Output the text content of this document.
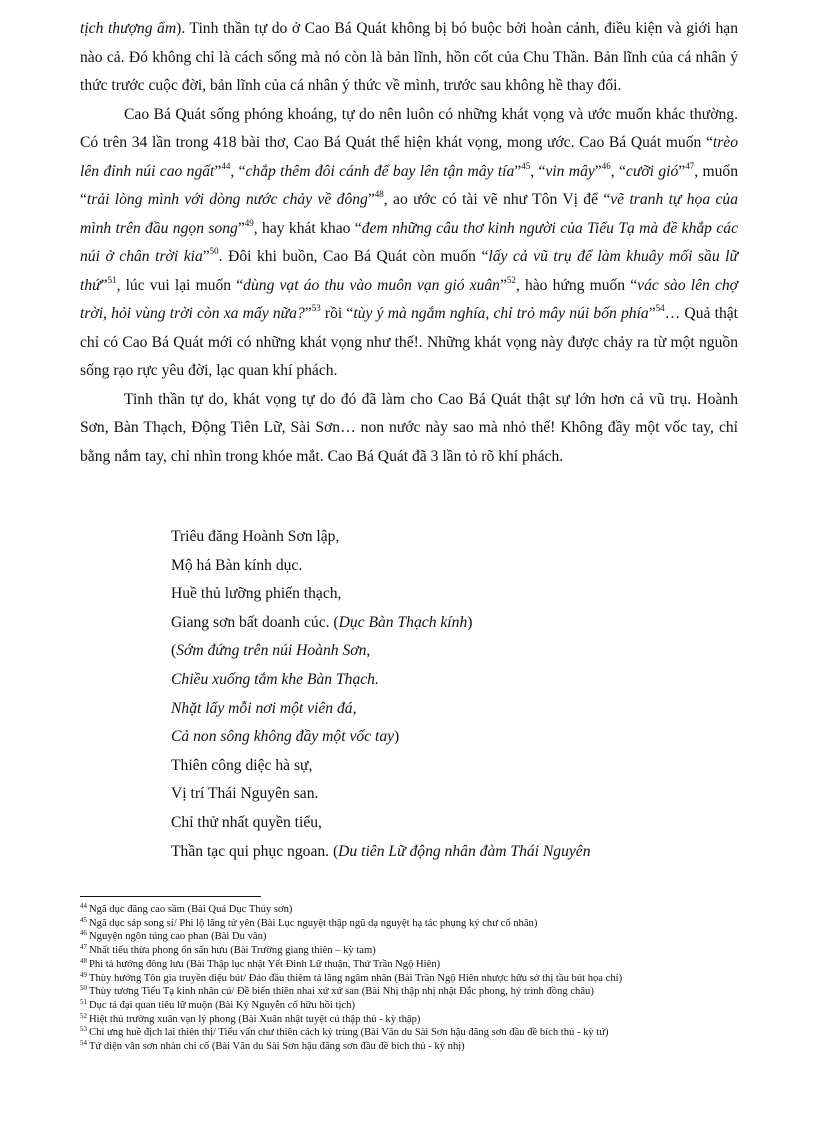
tịch thượng ẩm). Tinh thần tự do ở Cao Bá Quát không bị bó buộc bởi hoàn cảnh, điều kiện và giới hạn nào cả. Đó không chỉ là cách sống mà nó còn là bản lĩnh, hồn cốt của Chu Thần. Bản lĩnh của cá nhân ý thức trước cuộc đời, bản lĩnh của cá nhân ý thức về mình, trước sau không hề thay đổi.

Cao Bá Quát sống phóng khoáng, tự do nên luôn có những khát vọng và ước muốn khác thường. Có trên 34 lần trong 418 bài thơ, Cao Bá Quát thể hiện khát vọng, mong ước. Cao Bá Quát muốn “trèo lên đỉnh núi cao ngất”$^{44}$, “chắp thêm đôi cánh để bay lên tận mây tía”$^{45}$, “vin mây”$^{46}$, “cưỡi gió”$^{47}$, muốn “trải lòng mình với dòng nước chảy về đông”$^{48}$, ao ước có tài vẽ như Tôn Vị để “vẽ tranh tự họa của mình trên đầu ngọn song”$^{49}$, hay khát khao “đem những câu thơ kinh người của Tiểu Tạ mà đề khắp các núi ở chân trời kia”$^{50}$. Đôi khi buồn, Cao Bá Quát còn muốn “lấy cả vũ trụ để làm khuây mối sầu lữ thứ”$^{51}$, lúc vui lại muốn “dùng vạt áo thu vào muôn vạn gió xuân”$^{52}$, hào hứng muốn “vác sào lên chợ trời, hỏi vùng trời còn xa mấy nữa?”$^{53}$ rồi “tùy ý mà ngắm nghía, chỉ trỏ mây núi bốn phía”$^{54}$… Quả thật chỉ có Cao Bá Quát mới có những khát vọng như thế!. Những khát vọng này được chảy ra từ một nguồn sống rạo rực yêu đời, lạc quan khí phách.

Tinh thần tự do, khát vọng tự do đó đã làm cho Cao Bá Quát thật sự lớn hơn cả vũ trụ. Hoành Sơn, Bàn Thạch, Động Tiên Lữ, Sài Sơn… non nước này sao mà nhỏ thế! Không đầy một vốc tay, chỉ bằng nắm tay, chỉ nhìn trong khóe mắt. Cao Bá Quát đã 3 lần tỏ rõ khí phách.

Triêu đăng Hoành Sơn lập,
Mộ há Bàn kính dục.
Huề thủ lưỡng phiến thạch,
Giang sơn bất doanh cúc. (Dục Bàn Thạch kính)
(Sớm đứng trên núi Hoành Sơn,
Chiều xuống tắm khe Bàn Thạch.
Nhặt lấy mỗi nơi một viên đá,
Cả non sông không đầy một vốc tay)
Thiên công diệc hà sự,
Vị trí Thái Nguyên san.
Chỉ thử nhất quyền tiểu,
Thần tạc qui phục ngoan. (Du tiên Lữ động nhân đàm Thái Nguyên
$^{44}$ Ngã dục đăng cao sầm (Bài Quá Dục Thúy sơn)
$^{45}$ Ngã dục sáp song sí/ Phi lộ lăng tử yên (Bài Lục nguyệt thập ngũ dạ nguyệt hạ tác phụng ký chư cố nhân)
$^{46}$ Nguyện ngôn túng cao phan (Bài Du vân)
$^{47}$ Nhất tiếu thừa phong ổn sấn hưu (Bài Trường giang thiên – kỳ tam)
$^{48}$ Phi tả hướng đông lưu (Bài Thập lục nhật Yết Đinh Lữ thuận, Thứ Trần Ngộ Hiên)
$^{49}$ Thùy hướng Tôn gia truyền diệu bút/ Đáo đầu thiêm tả lăng ngâm nhân (Bài Trần Ngộ Hiên nhược hữu sở thị tầu bút họa chi)
$^{50}$ Thùy tương Tiểu Tạ kinh nhân cú/ Đề biến thiên nhai xứ xứ san (Bài Nhị thập nhị nhật Đắc phong, hý trình đồng châu)
$^{51}$ Dục tá đại quan tiêu lữ muộn (Bài Ký Nguyễn cố hữu hồi tịch)
$^{52}$ Hiệt thủ trường xuân vạn lý phong (Bài Xuân nhật tuyệt cú thập thủ - kỳ thập)
$^{53}$ Chỉ ưng huề địch lai thiên thị/ Tiểu vấn chư thiên cách kỷ trùng (Bài Vãn du Sài Sơn hậu đăng sơn đầu đề bích thủ - kỳ tứ)
$^{54}$ Tứ diện vân sơn nhàn chỉ cố (Bài Vãn du Sài Sơn hậu đăng sơn đầu đề bích thủ - kỳ nhị)
